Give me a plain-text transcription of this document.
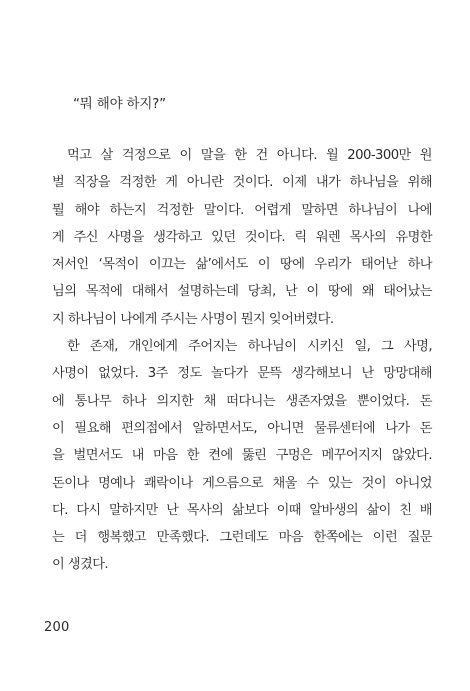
“뭐 해야 하지?”
먹고 살 걱정으로 이 말을 한 건 아니다. 월 200-300만 원
벌 직장을 걱정한 게 아니란 것이다. 이제 내가 하나님을 위해
뭘 해야 하는지 걱정한 말이다. 어렵게 말하면 하나님이 나에
게 주신 사명을 생각하고 있던 것이다. 릭 워렌 목사의 유명한
저서인 ‘목적이 이끄는 삶’에서도 이 땅에 우리가 태어난 하나
님의 목적에 대해서 설명하는데 당최, 난 이 땅에 왜 태어났는
지 하나님이 나에게 주시는 사명이 뭔지 잊어버렸다.
한 존재, 개인에게 주어지는 하나님이 시키신 일, 그 사명,
사명이 없었다. 3주 정도 놀다가 문뜩 생각해보니 난 망망대해
에 통나무 하나 의지한 채 떠다니는 생존자였을 뿐이었다. 돈
이 필요해 편의점에서 알하면서도, 아니면 물류센터에 나가 돈
을 벌면서도 내 마음 한 켠에 뚫린 구멍은 메꾸어지지 않았다.
돈이나 명예나 쾌락이나 게으름으로 채울 수 있는 것이 아니었
다. 다시 말하지만 난 목사의 삶보다 이때 알바생의 삶이 친 배
는 더 행복했고 만족했다. 그런데도 마음 한쪽에는 이런 질문
이 생겼다.
200
